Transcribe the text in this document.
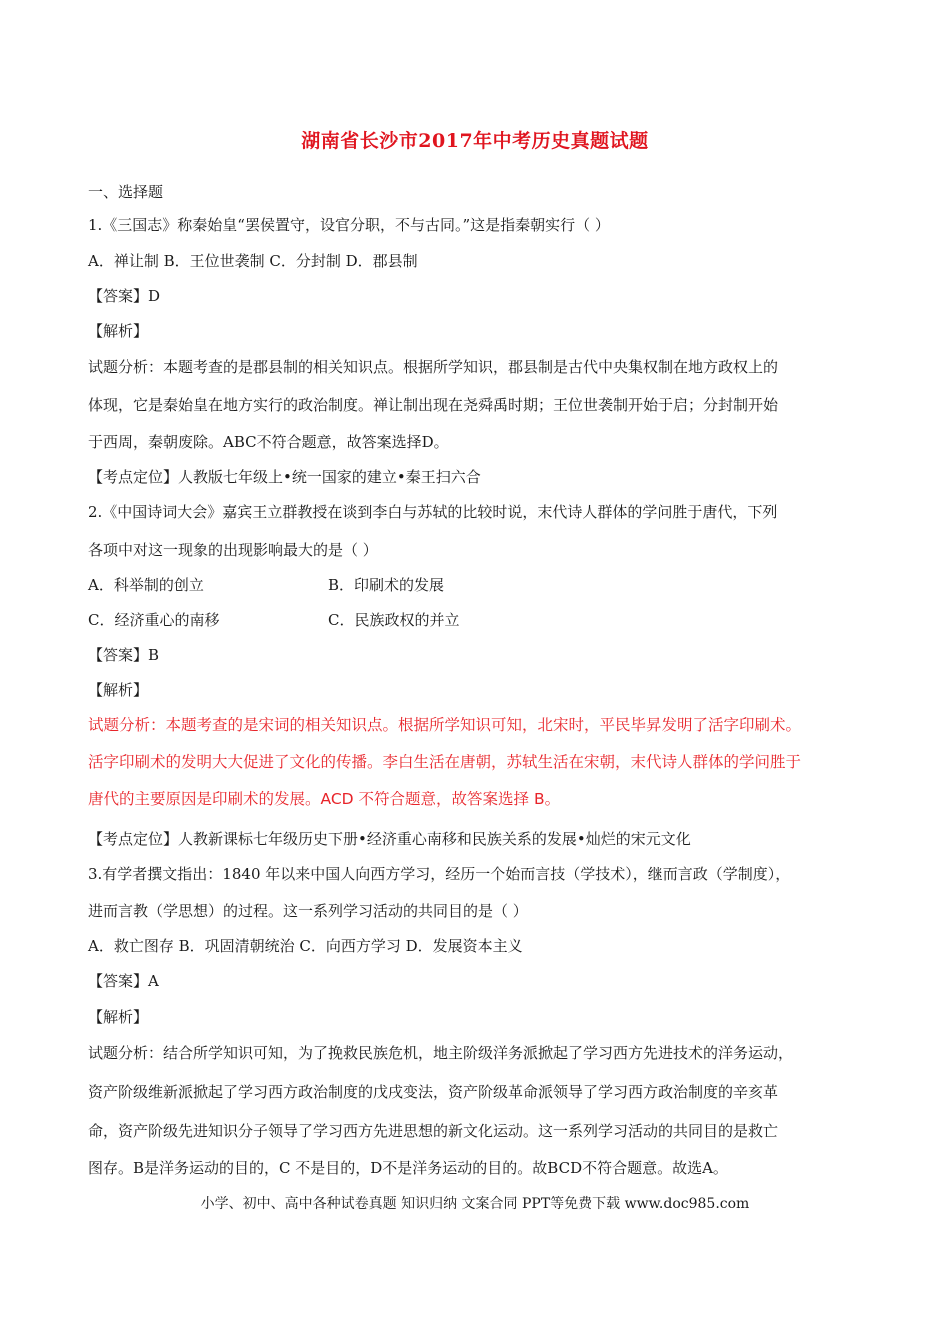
湖南省长沙市2017年中考历史真题试题
一、选择题
1.《三国志》称秦始皇“罢侯置守，设官分职，不与古同。”这是指秦朝实行（ ）
A．禅让制 B．王位世袭制 C．分封制 D．郡县制
【答案】D
【解析】
试题分析：本题考查的是郡县制的相关知识点。根据所学知识，郡县制是古代中央集权制在地方政权上的
体现，它是秦始皇在地方实行的政治制度。禅让制出现在尧舜禹时期；王位世袭制开始于启；分封制开始
于西周，秦朝废除。ABC不符合题意，故答案选择D。
【考点定位】人教版七年级上•统一国家的建立•秦王扫六合
2.《中国诗词大会》嘉宾王立群教授在谈到李白与苏轼的比较时说，末代诗人群体的学问胜于唐代，下列
各项中对这一现象的出现影响最大的是（ ）
A．科举制的创立	B．印刷术的发展
C．经济重心的南移	C．民族政权的并立
【答案】B
【解析】
试题分析：本题考查的是宋词的相关知识点。根据所学知识可知，北宋时，平民毕昇发明了活字印刷术。
活字印刷术的发明大大促进了文化的传播。李白生活在唐朝，苏轼生活在宋朝，末代诗人群体的学问胜于
唐代的主要原因是印刷术的发展。ACD 不符合题意，故答案选择 B。
【考点定位】人教新课标七年级历史下册•经济重心南移和民族关系的发展•灿烂的宋元文化
3.有学者撰文指出：1840 年以来中国人向西方学习，经历一个始而言技（学技术），继而言政（学制度），
进而言教（学思想）的过程。这一系列学习活动的共同目的是（ ）
A．救亡图存 B．巩固清朝统治 C．向西方学习 D．发展资本主义
【答案】A
【解析】
试题分析：结合所学知识可知，为了挽救民族危机，地主阶级洋务派掀起了学习西方先进技术的洋务运动，
资产阶级维新派掀起了学习西方政治制度的戊戌变法，资产阶级革命派领导了学习西方政治制度的辛亥革
命，资产阶级先进知识分子领导了学习西方先进思想的新文化运动。这一系列学习活动的共同目的是救亡
图存。B是洋务运动的目的，C 不是目的，D不是洋务运动的目的。故BCD不符合题意。故选A。
小学、初中、高中各种试卷真题 知识归纳 文案合同 PPT等免费下载 www.doc985.com
